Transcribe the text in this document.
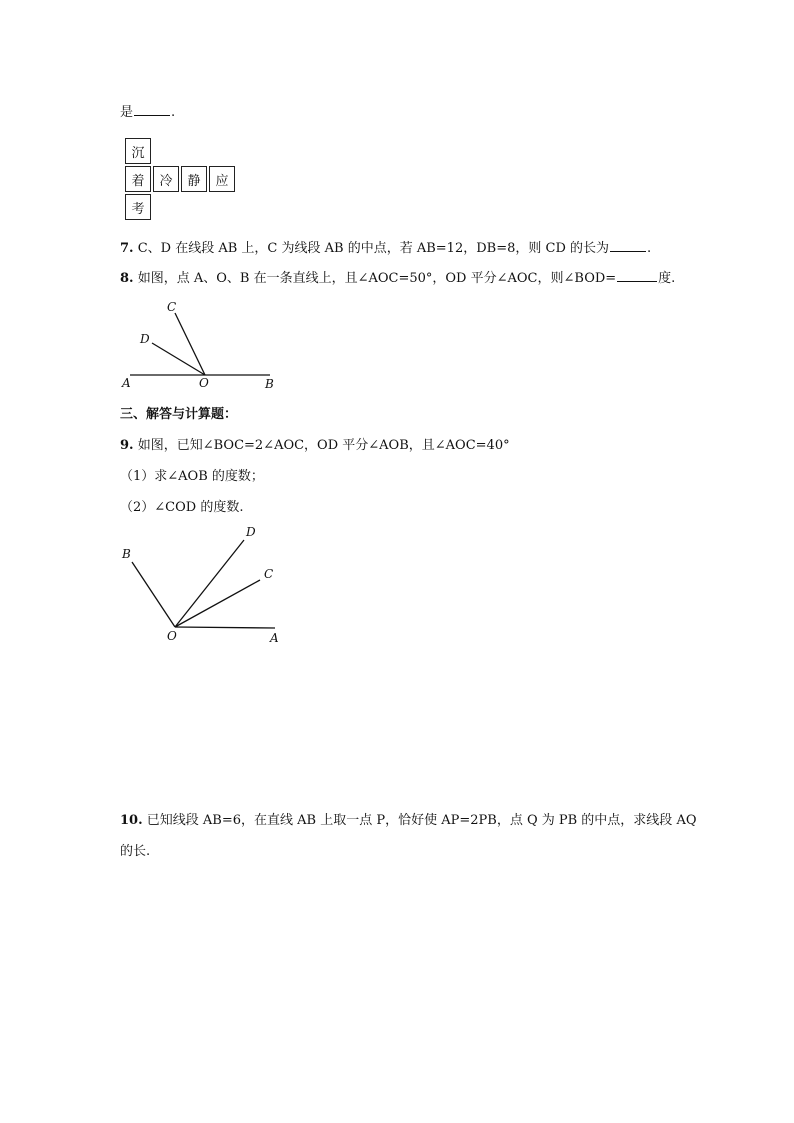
是	.
沉
着	冷	静	应
考
7. C、D 在线段 AB 上，C 为线段 AB 的中点，若 AB=12，DB=8，则 CD 的长为	.
8. 如图，点 A、O、B 在一条直线上，且∠AOC=50°，OD 平分∠AOC，则∠BOD=	度.
A	O	B
C
D
三、解答与计算题：
9. 如图，已知∠BOC=2∠AOC，OD 平分∠AOB，且∠AOC=40°
（1）求∠AOB 的度数；
（2）∠COD 的度数.
B
D
C
O	A
10. 已知线段 AB=6，在直线 AB 上取一点 P，恰好使 AP=2PB，点 Q 为 PB 的中点，求线段 AQ
的长.
